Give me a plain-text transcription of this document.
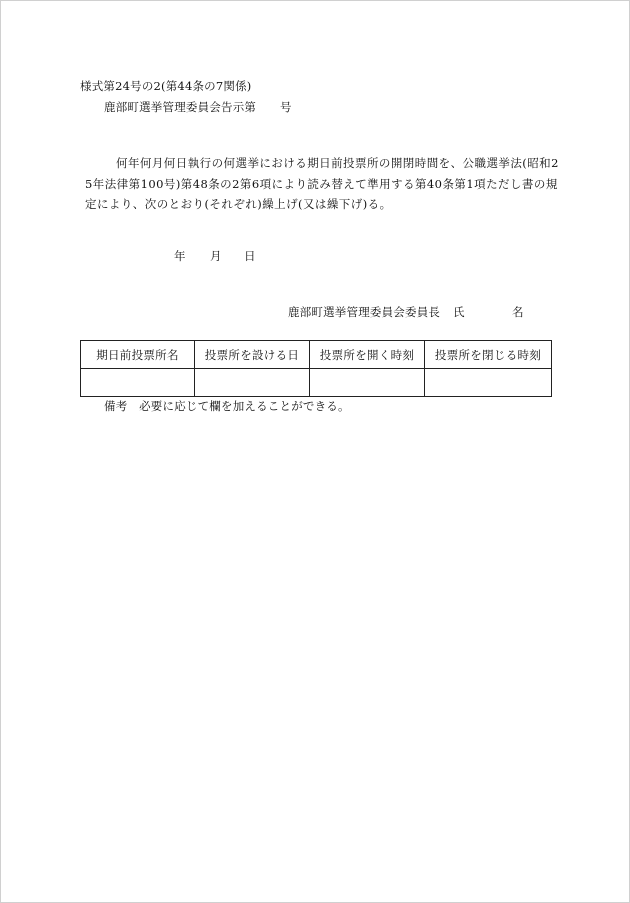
様式第24号の2(第44条の7関係)
鹿部町選挙管理委員会告示第 号
何年何月何日執行の何選挙における期日前投票所の開閉時間を、公職選挙法(昭和2
5年法律第100号)第48条の2第6項により読み替えて準用する第40条第1項ただし書の規
定により、次のとおり(それぞれ)繰上げ(又は繰下げ)る。
年 月 日
鹿部町選挙管理委員会委員長 氏	名
期日前投票所名	投票所を設ける日	投票所を開く時刻	投票所を閉じる時刻

備考　必要に応じて欄を加えることができる。
